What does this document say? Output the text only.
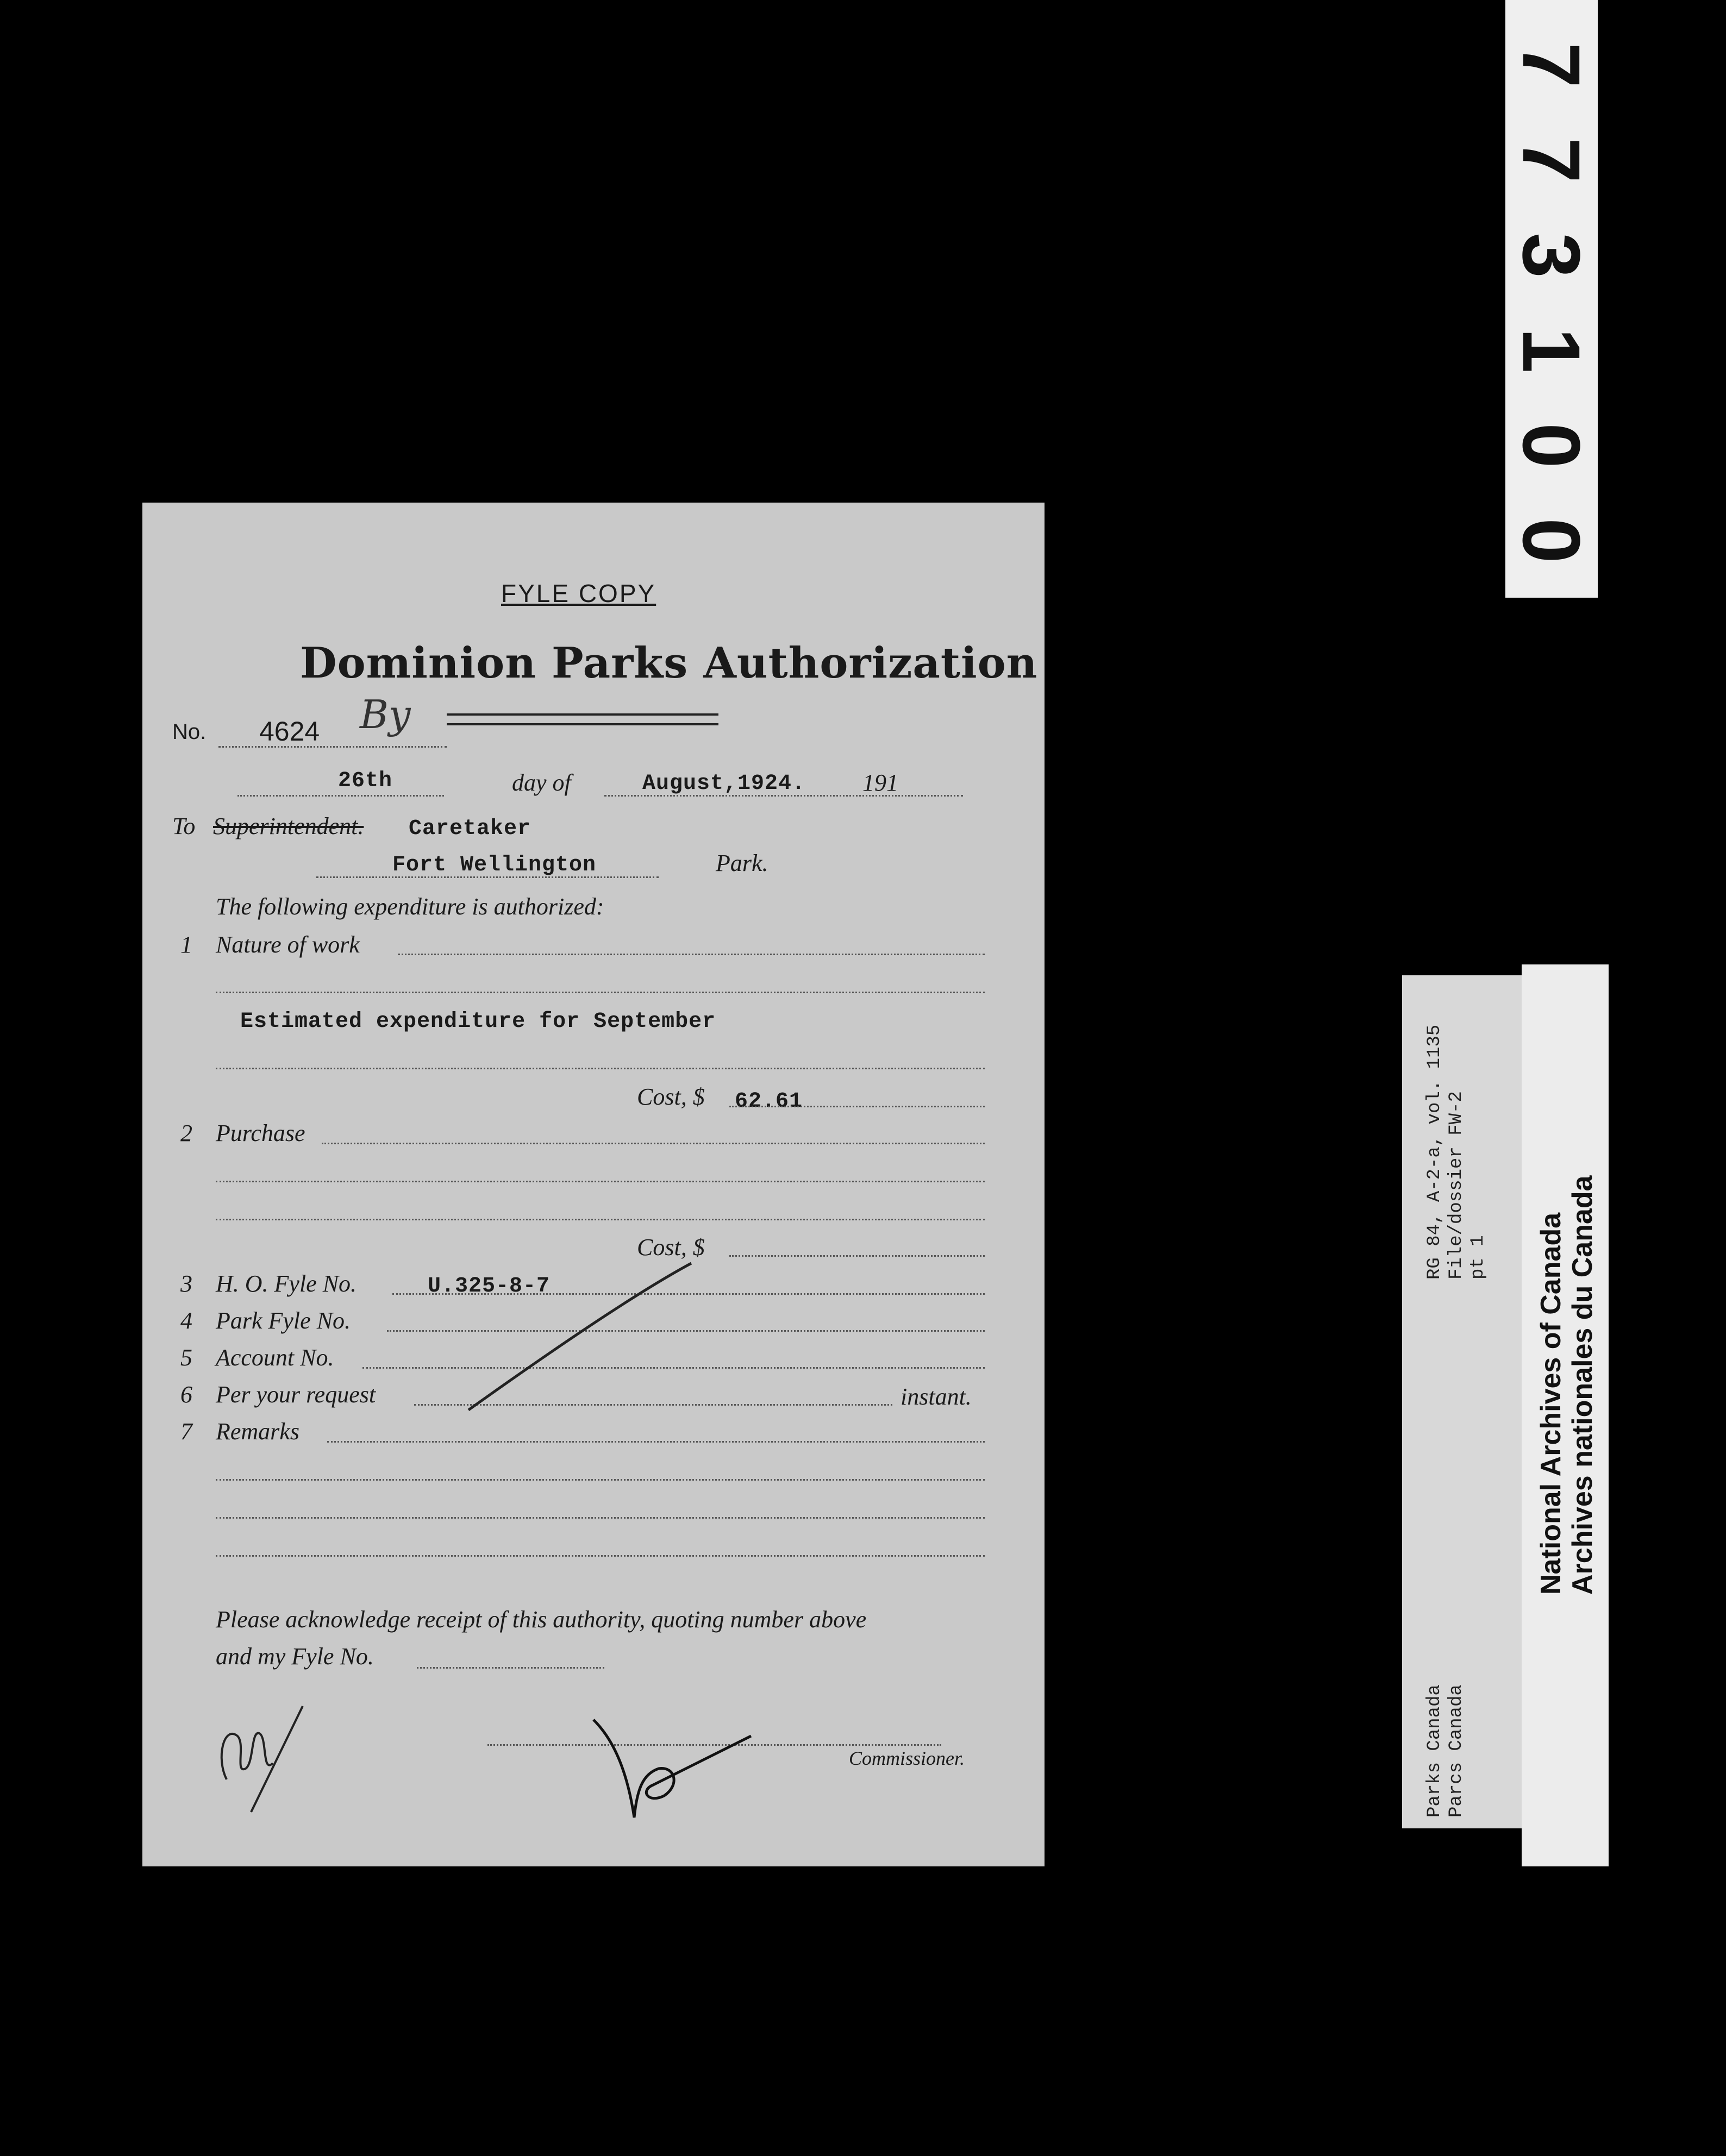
FYLE COPY
Dominion Parks Authorization
No. 4624 By
26th	day of	August,1924. 191
To Superintendent. Caretaker
Fort Wellington	Park.
The following expenditure is authorized:
1 Nature of work
Estimated expenditure for September
Cost, $ 62.61
2 Purchase
Cost, $
3 H. O. Fyle No.	U.325-8-7
4 Park Fyle No.
5 Account No.
6 Per your request	instant.
7 Remarks
Please acknowledge receipt of this authority, quoting number above
and my Fyle No.
Commissioner.
0
0
1
3
7
7
RG 84, A-2-a, vol. 1135 File/dossier FW-2 pt 1
Parks Canada Parcs Canada
National Archives of Canada Archives nationales du Canada
